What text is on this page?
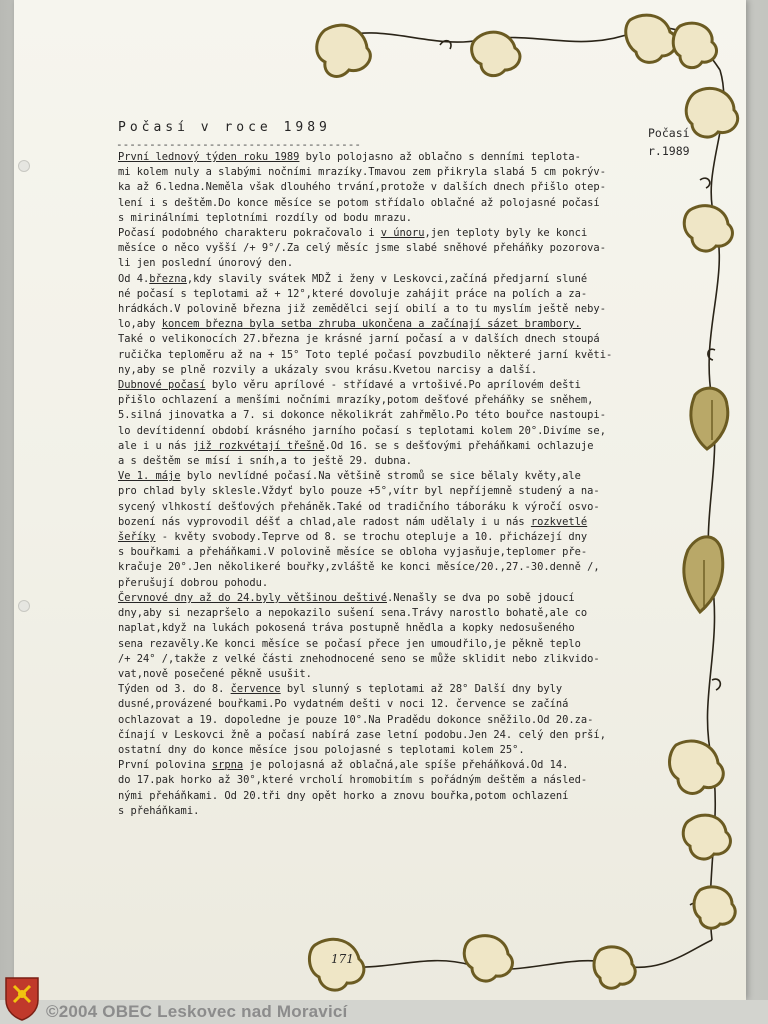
Počasí
r.1989
Počasí v roce 1989
-------------------------------------
První lednový týden roku 1989 bylo polojasno až oblačno s denními teplota-
mi kolem nuly a slabými nočními mrazíky.Tmavou zem přikryla slabá 5 cm pokrýv-
ka až 6.ledna.Neměla však dlouhého trvání,protože v dalších dnech přišlo otep-
lení i s deštěm.Do konce měsíce se potom střídalo oblačné až polojasné počasí
s mirinálními teplotními rozdíly od bodu mrazu.
Počasí podobného charakteru pokračovalo i v únoru,jen teploty byly ke konci
měsíce o něco vyšší /+ 9°/.Za celý měsíc jsme slabé sněhové přeháňky pozorova-
li jen poslední únorový den.
Od 4.března,kdy slavily svátek MDŽ i ženy v Leskovci,začíná předjarní sluné
né počasí s teplotami až + 12°,které dovoluje zahájit práce na polích a za-
hrádkách.V polovině března již zemědělci sejí obilí a to tu myslím ještě neby-
lo,aby koncem března byla setba zhruba ukončena a začínají sázet brambory.
Také o velikonocích 27.března je krásné jarní počasí a v dalších dnech stoupá
ručička teploměru až na + 15° Toto teplé počasí povzbudilo některé jarní květi-
ny,aby se plně rozvily a ukázaly svou krásu.Kvetou narcisy a další.
Dubnové počasí bylo věru aprílové - střídavé a vrtošivé.Po aprílovém dešti
přišlo ochlazení a menšími nočními mrazíky,potom dešťové přeháňky se sněhem,
5.silná jinovatka a 7. si dokonce několikrát zahřmělo.Po této bouřce nastoupi-
lo devítidenní období krásného jarního počasí s teplotami kolem 20°.Divíme se,
ale i u nás již rozkvétají třešně.Od 16. se s dešťovými přeháňkami ochlazuje
a s deštěm se mísí i sníh,a to ještě 29. dubna.
Ve 1. máje bylo nevlídné počasí.Na většině stromů se sice bělaly květy,ale
pro chlad byly sklesle.Vždyť bylo pouze +5°,vítr byl nepříjemně studený a na-
sycený vlhkostí dešťových přeháněk.Také od tradičního táboráku k výročí osvo-
bození nás vyprovodil déšť a chlad,ale radost nám udělaly i u nás rozkvetlé
šeříky - květy svobody.Teprve od 8. se trochu otepluje a 10. přicházejí dny
s bouřkami a přeháňkami.V polovině měsíce se obloha vyjasňuje,teplomer pře-
kračuje 20°.Jen několikeré bouřky,zvláště ke konci měsíce/20.,27.-30.denně /,
přerušují dobrou pohodu.
Červnové dny až do 24.byly většinou deštivé.Nenašly se dva po sobě jdoucí
dny,aby si nezapršelo a nepokazilo sušení sena.Trávy narostlo bohatě,ale co
naplat,když na lukách pokosená tráva postupně hnědla a kopky nedosušeného
sena rezavěly.Ke konci měsíce se počasí přece jen umoudřilo,je pěkně teplo
/+ 24° /,takže z velké části znehodnocené seno se může sklidit nebo zlikvido-
vat,nově posečené pěkně usušit.
Týden od 3. do 8. července byl slunný s teplotami až 28° Další dny byly
dusné,provázené bouřkami.Po vydatném dešti v noci 12. července se začíná
ochlazovat a 19. dopoledne je pouze 10°.Na Pradědu dokonce sněžilo.Od 20.za-
čínají v Leskovci žně a počasí nabírá zase letní podobu.Jen 24. celý den prší,
ostatní dny do konce měsíce jsou polojasné s teplotami kolem 25°.
První polovina srpna je polojasná až oblačná,ale spíše přeháňková.Od 14.
do 17.pak horko až 30°,které vrcholí hromobitím s pořádným deštěm a násled-
nými přeháňkami. Od 20.tři dny opět horko a znovu bouřka,potom ochlazení
s přeháňkami.
171
©2004 OBEC Leskovec nad Moravicí
